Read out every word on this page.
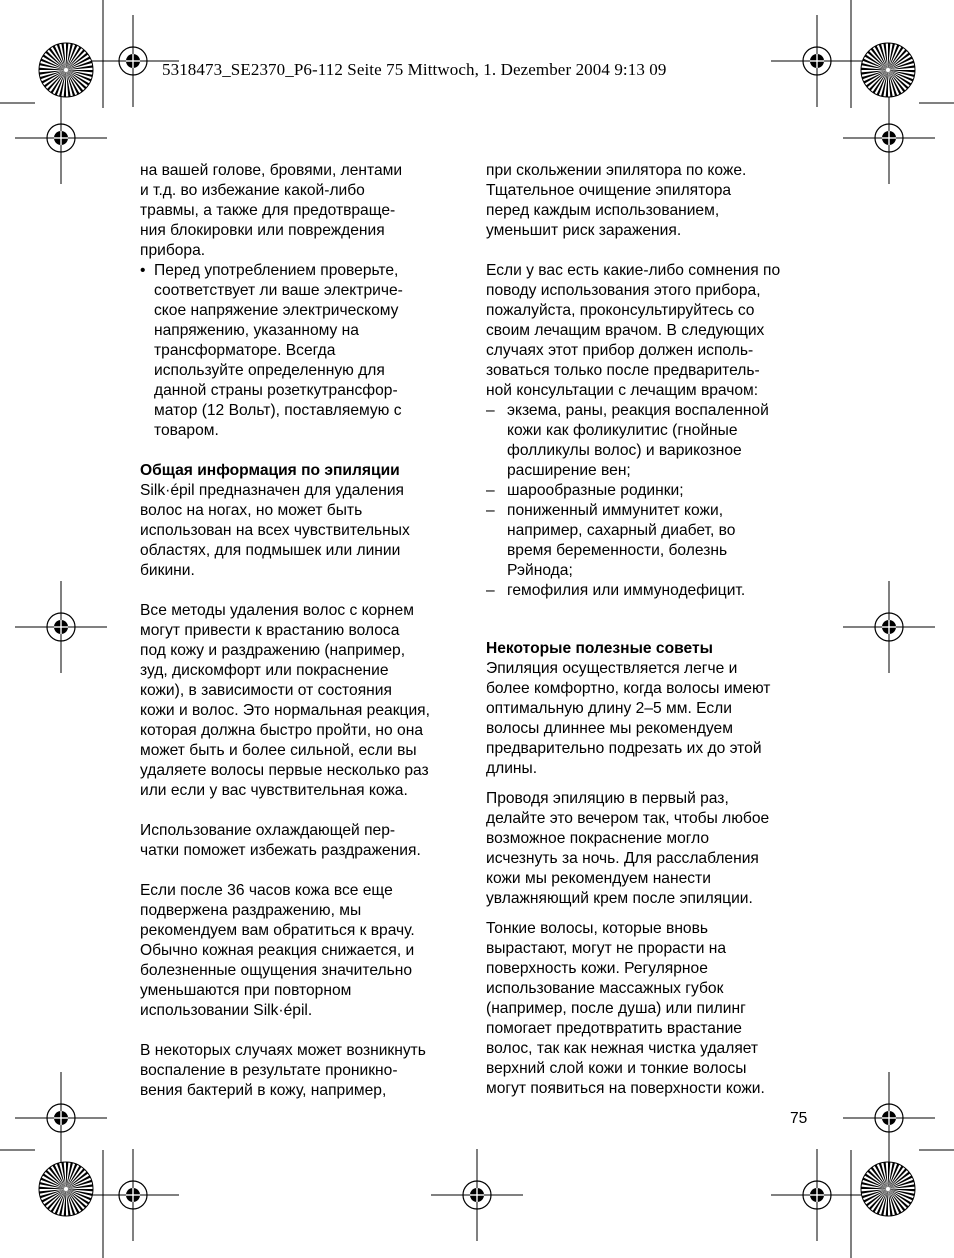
5318473_SE2370_P6-112 Seite 75 Mittwoch, 1. Dezember 2004 9:13 09
на вашей голове, бровями, лентами
и т.д. во избежание какой-либо
травмы, а также для предотвраще-
ния блокировки или повреждения
прибора.
• Перед употреблением проверьте,
соответствует ли ваше электриче-
ское напряжение электрическому
напряжению, указанному на
трансформаторе. Всегда
используйте определенную для
данной страны розеткутрансфор-
матор (12 Вольт), поставляемую с
товаром.
Общая информация по эпиляции
Silk·épil предназначен для удаления
волос на ногах, но может быть
использован на всех чувствительных
областях, для подмышек или линии
бикини.
Все методы удаления волос с корнем
могут привести к врастанию волоса
под кожу и раздражению (например,
зуд, дискомфорт или покраснение
кожи), в зависимости от состояния
кожи и волос. Это нормальная реакция,
которая должна быстро пройти, но она
может быть и более сильной, если вы
удаляете волосы первые несколько раз
или если у вас чувствительная кожа.
Использование охлаждающей пер-
чатки поможет избежать раздражения.
Если после 36 часов кожа все еще
подвержена раздражению, мы
рекомендуем вам обратиться к врачу.
Обычно кожная реакция снижается, и
болезненные ощущения значительно
уменьшаются при повторном
использовании Silk·épil.
В некоторых случаях может возникнуть
воспаление в результате проникно-
вения бактерий в кожу, например,
при скольжении эпилятора по коже.
Тщательное очищение эпилятора
перед каждым использованием,
уменьшит риск заражения.
Если у вас есть какие-либо сомнения по
поводу использования этого прибора,
пожалуйста, проконсультируйтесь со
своим лечащим врачом. В следующих
случаях этот прибор должен исполь-
зоваться только после предваритель-
ной консультации с лечащим врачом:
– экзема, раны, реакция воспаленной
кожи как фоликулитис (гнойные
фолликулы волос) и варикозное
расширение вен;
– шарообразные родинки;
– пониженный иммунитет кожи,
например, сахарный диабет, во
время беременности, болезнь
Рэйнода;
– гемофилия или иммунодефицит.
Некоторые полезные советы
Эпиляция осуществляется легче и
более комфортно, когда волосы имеют
оптимальную длину 2–5 мм. Если
волосы длиннее мы рекомендуем
предварительно подрезать их до этой
длины.
Проводя эпиляцию в первый раз,
делайте это вечером так, чтобы любое
возможное покраснение могло
исчезнуть за ночь. Для расслабления
кожи мы рекомендуем нанести
увлажняющий крем после эпиляции.
Тонкие волосы, которые вновь
вырастают, могут не прорасти на
поверхность кожи. Регулярное
использование массажных губок
(например, после душа) или пилинг
помогает предотвратить врастание
волос, так как нежная чистка удаляет
верхний слой кожи и тонкие волосы
могут появиться на поверхности кожи.
75
